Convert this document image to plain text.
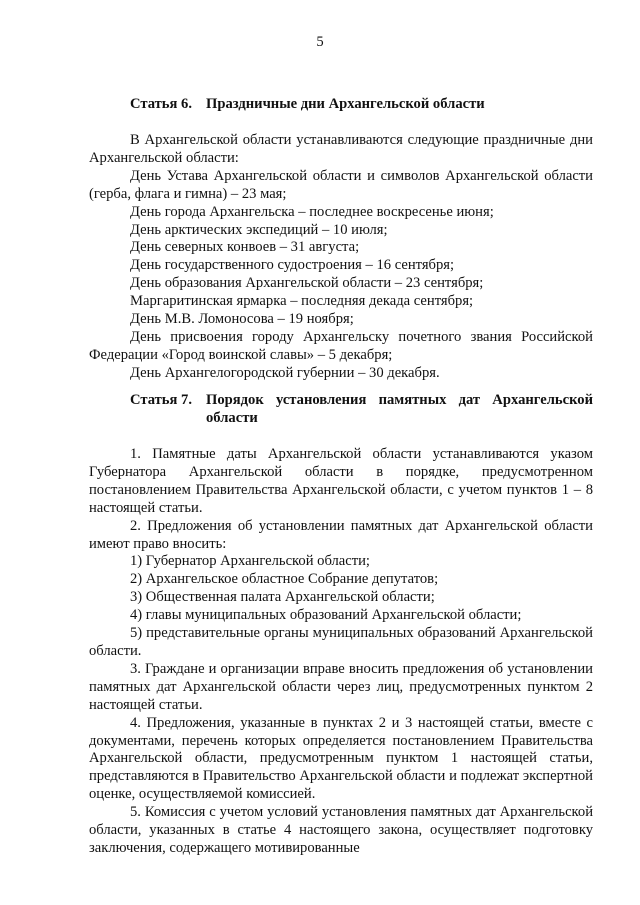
5
Статья 6. Праздничные дни Архангельской области

В Архангельской области устанавливаются следующие праздничные дни Архангельской области:

День Устава Архангельской области и символов Архангельской области (герба, флага и гимна) – 23 мая;

День города Архангельска – последнее воскресенье июня;

День арктических экспедиций – 10 июля;

День северных конвоев – 31 августа;

День государственного судостроения – 16 сентября;

День образования Архангельской области – 23 сентября;

Маргаритинская ярмарка – последняя декада сентября;

День М.В. Ломоносова – 19 ноября;

День присвоения городу Архангельску почетного звания Российской Федерации «Город воинской славы» – 5 декабря;

День Архангелогородской губернии – 30 декабря.

Статья 7. Порядок установления памятных дат Архангельской области

1. Памятные даты Архангельской области устанавливаются указом Губернатора Архангельской области в порядке, предусмотренном постановлением Правительства Архангельской области, с учетом пунктов 1 – 8 настоящей статьи.

2. Предложения об установлении памятных дат Архангельской области имеют право вносить:

1) Губернатор Архангельской области;

2) Архангельское областное Собрание депутатов;

3) Общественная палата Архангельской области;

4) главы муниципальных образований Архангельской области;

5) представительные органы муниципальных образований Архангельской области.

3. Граждане и организации вправе вносить предложения об установлении памятных дат Архангельской области через лиц, предусмотренных пунктом 2 настоящей статьи.

4. Предложения, указанные в пунктах 2 и 3 настоящей статьи, вместе с документами, перечень которых определяется постановлением Правительства Архангельской области, предусмотренным пунктом 1 настоящей статьи, представляются в Правительство Архангельской области и подлежат экспертной оценке, осуществляемой комиссией.

5. Комиссия с учетом условий установления памятных дат Архангельской области, указанных в статье 4 настоящего закона, осуществляет подготовку заключения, содержащего мотивированные
